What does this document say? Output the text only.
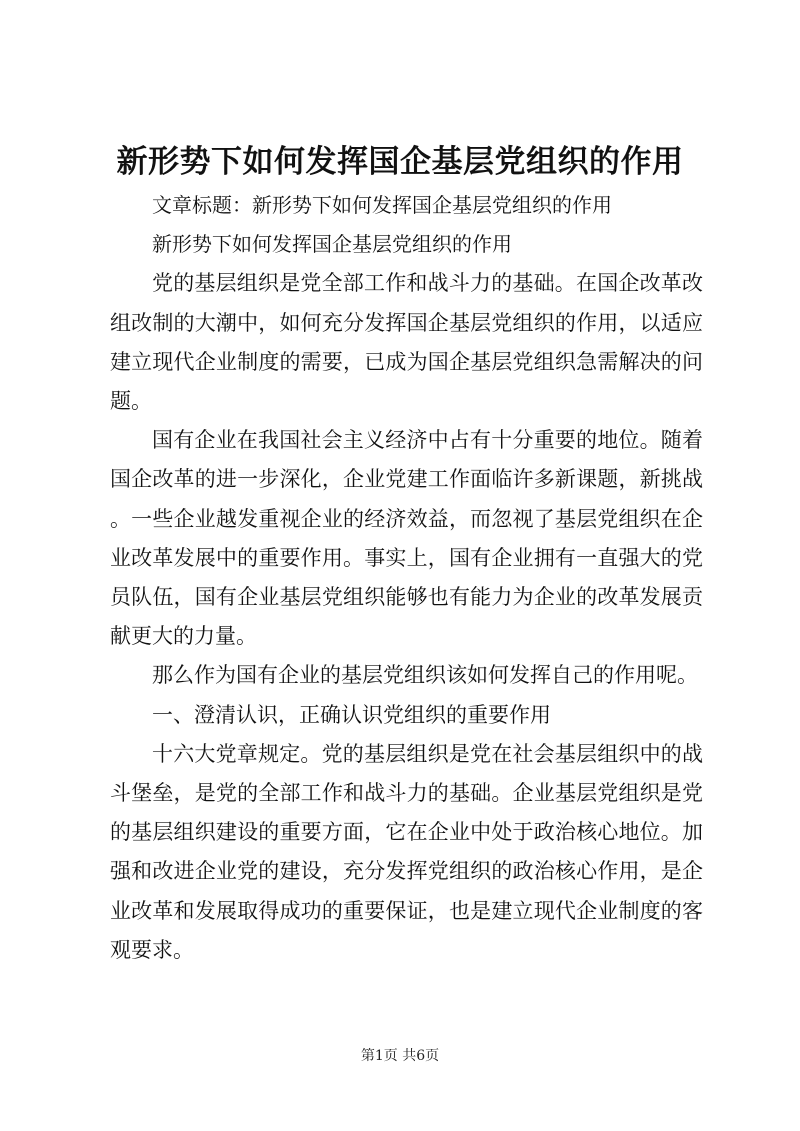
新形势下如何发挥国企基层党组织的作用

文章标题：新形势下如何发挥国企基层党组织的作用

新形势下如何发挥国企基层党组织的作用

党的基层组织是党全部工作和战斗力的基础。在国企改革改组改制的大潮中，如何充分发挥国企基层党组织的作用，以适应建立现代企业制度的需要，已成为国企基层党组织急需解决的问题。

国有企业在我国社会主义经济中占有十分重要的地位。随着国企改革的进一步深化，企业党建工作面临许多新课题，新挑战。一些企业越发重视企业的经济效益，而忽视了基层党组织在企业改革发展中的重要作用。事实上，国有企业拥有一直强大的党员队伍，国有企业基层党组织能够也有能力为企业的改革发展贡献更大的力量。

那么作为国有企业的基层党组织该如何发挥自己的作用呢。

一、澄清认识，正确认识党组织的重要作用

十六大党章规定。党的基层组织是党在社会基层组织中的战斗堡垒，是党的全部工作和战斗力的基础。企业基层党组织是党的基层组织建设的重要方面，它在企业中处于政治核心地位。加强和改进企业党的建设，充分发挥党组织的政治核心作用，是企业改革和发展取得成功的重要保证，也是建立现代企业制度的客观要求。

第1页 共6页
